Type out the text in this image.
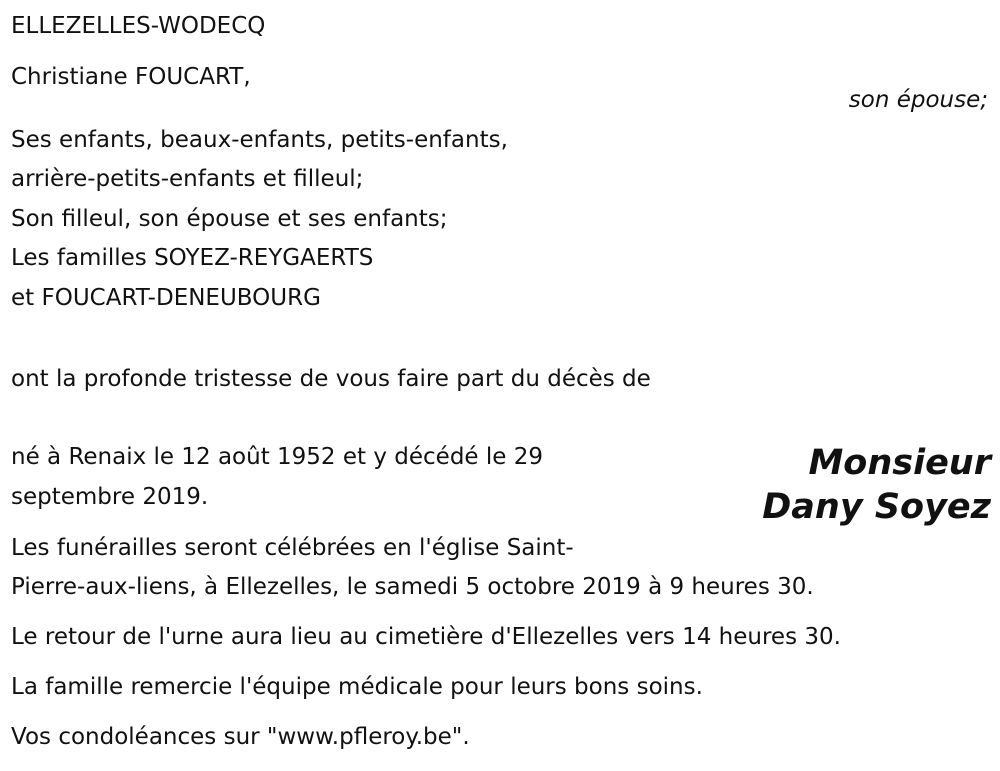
ELLEZELLES-WODECQ
Christiane FOUCART,
son épouse;
Ses enfants, beaux-enfants, petits-enfants,
arrière-petits-enfants et filleul;
Son filleul, son épouse et ses enfants;
Les familles SOYEZ-REYGAERTS
et FOUCART-DENEUBOURG
ont la profonde tristesse de vous faire part du décès de
Monsieur
Dany Soyez
né à Renaix le 12 août 1952 et y décédé le 29
septembre 2019.
Les funérailles seront célébrées en l'église Saint-
Pierre-aux-liens, à Ellezelles, le samedi 5 octobre 2019 à 9 heures 30.
Le retour de l'urne aura lieu au cimetière d'Ellezelles vers 14 heures 30.
La famille remercie l'équipe médicale pour leurs bons soins.
Vos condoléances sur "www.pfleroy.be".
